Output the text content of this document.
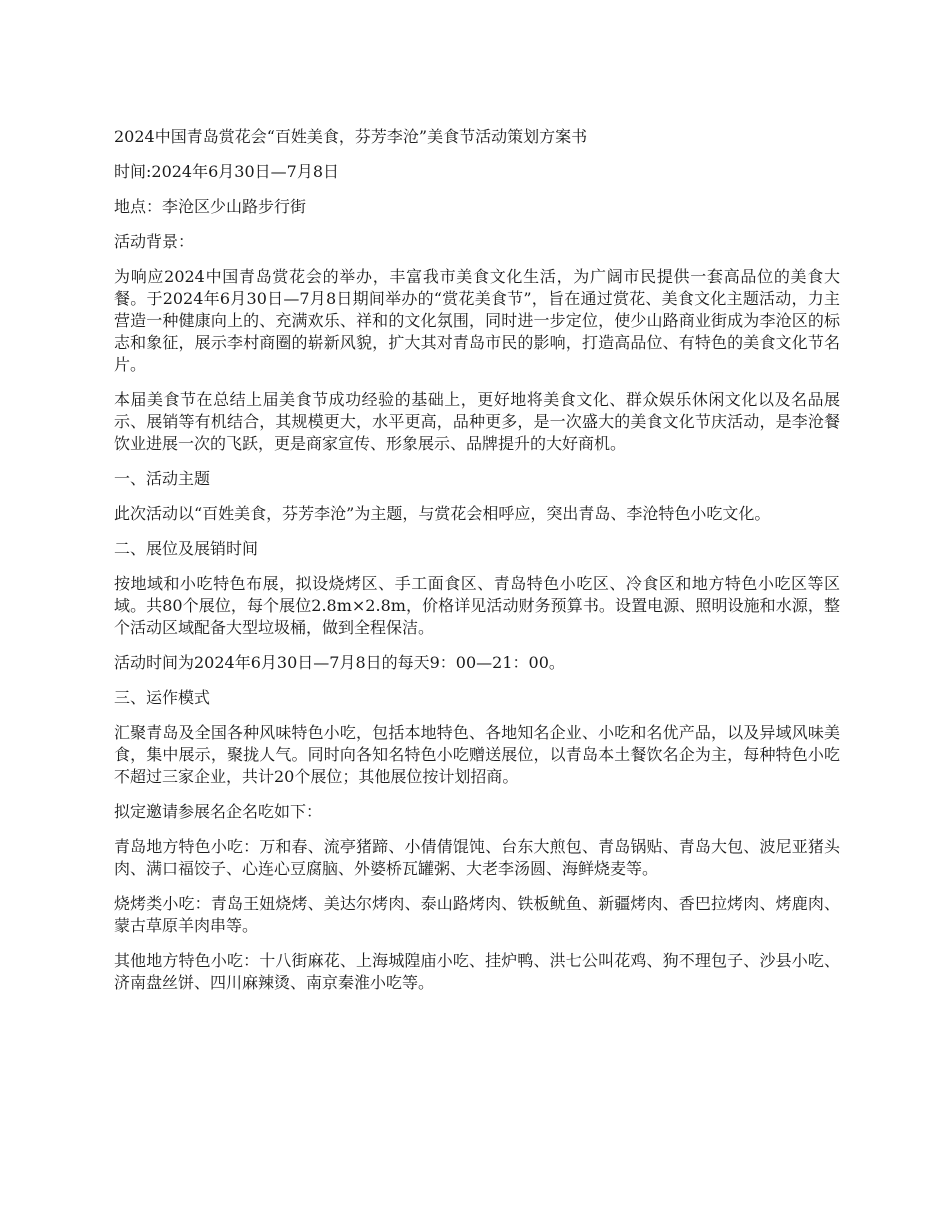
2024中国青岛赏花会“百姓美食，芬芳李沧”美食节活动策划方案书

时间:2024年6月30日—7月8日

地点：李沧区少山路步行街

活动背景：

为响应2024中国青岛赏花会的举办，丰富我市美食文化生活，为广阔市民提供一套高品位的美食大餐。于2024年6月30日—7月8日期间举办的“赏花美食节”，旨在通过赏花、美食文化主题活动，力主营造一种健康向上的、充满欢乐、祥和的文化氛围，同时进一步定位，使少山路商业街成为李沧区的标志和象征，展示李村商圈的崭新风貌，扩大其对青岛市民的影响，打造高品位、有特色的美食文化节名片。

本届美食节在总结上届美食节成功经验的基础上，更好地将美食文化、群众娱乐休闲文化以及名品展示、展销等有机结合，其规模更大，水平更高，品种更多，是一次盛大的美食文化节庆活动，是李沧餐饮业进展一次的飞跃，更是商家宣传、形象展示、品牌提升的大好商机。

一、活动主题

此次活动以“百姓美食，芬芳李沧”为主题，与赏花会相呼应，突出青岛、李沧特色小吃文化。

二、展位及展销时间

按地域和小吃特色布展，拟设烧烤区、手工面食区、青岛特色小吃区、冷食区和地方特色小吃区等区域。共80个展位，每个展位2.8m×2.8m，价格详见活动财务预算书。设置电源、照明设施和水源，整个活动区域配备大型垃圾桶，做到全程保洁。

活动时间为2024年6月30日—7月8日的每天9：00—21：00。

三、运作模式

汇聚青岛及全国各种风味特色小吃，包括本地特色、各地知名企业、小吃和名优产品，以及异域风味美食，集中展示，聚拢人气。同时向各知名特色小吃赠送展位，以青岛本土餐饮名企为主，每种特色小吃不超过三家企业，共计20个展位；其他展位按计划招商。

拟定邀请参展名企名吃如下：

青岛地方特色小吃：万和春、流亭猪蹄、小倩倩馄饨、台东大煎包、青岛锅贴、青岛大包、波尼亚猪头肉、满口福饺子、心连心豆腐脑、外婆桥瓦罐粥、大老李汤圆、海鲜烧麦等。

烧烤类小吃：青岛王妞烧烤、美达尔烤肉、泰山路烤肉、铁板鱿鱼、新疆烤肉、香巴拉烤肉、烤鹿肉、蒙古草原羊肉串等。

其他地方特色小吃：十八街麻花、上海城隍庙小吃、挂炉鸭、洪七公叫花鸡、狗不理包子、沙县小吃、济南盘丝饼、四川麻辣烫、南京秦淮小吃等。
